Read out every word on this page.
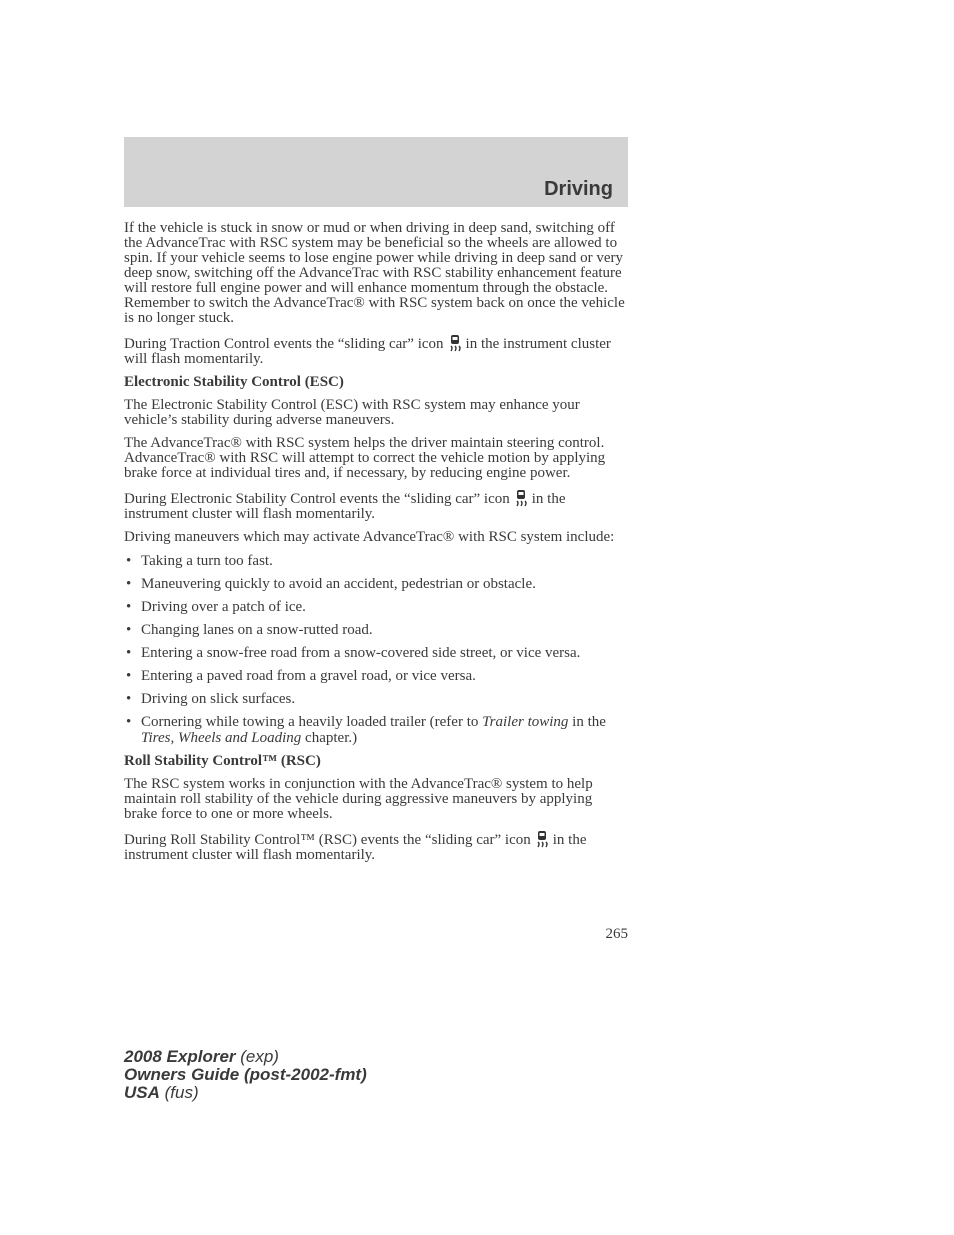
Driving

If the vehicle is stuck in snow or mud or when driving in deep sand, switching off the AdvanceTrac with RSC system may be beneficial so the wheels are allowed to spin. If your vehicle seems to lose engine power while driving in deep sand or very deep snow, switching off the AdvanceTrac with RSC stability enhancement feature will restore full engine power and will enhance momentum through the obstacle. Remember to switch the AdvanceTrac® with RSC system back on once the vehicle is no longer stuck.

During Traction Control events the “sliding car” icon in the instrument cluster will flash momentarily.

Electronic Stability Control (ESC)

The Electronic Stability Control (ESC) with RSC system may enhance your vehicle’s stability during adverse maneuvers.

The AdvanceTrac® with RSC system helps the driver maintain steering control. AdvanceTrac® with RSC will attempt to correct the vehicle motion by applying brake force at individual tires and, if necessary, by reducing engine power.

During Electronic Stability Control events the “sliding car” icon in the instrument cluster will flash momentarily.

Driving maneuvers which may activate AdvanceTrac® with RSC system include:

• Taking a turn too fast.
• Maneuvering quickly to avoid an accident, pedestrian or obstacle.
• Driving over a patch of ice.
• Changing lanes on a snow-rutted road.
• Entering a snow-free road from a snow-covered side street, or vice versa.
• Entering a paved road from a gravel road, or vice versa.
• Driving on slick surfaces.
• Cornering while towing a heavily loaded trailer (refer to Trailer towing in the Tires, Wheels and Loading chapter.)
Roll Stability Control™ (RSC)

The RSC system works in conjunction with the AdvanceTrac® system to help maintain roll stability of the vehicle during aggressive maneuvers by applying brake force to one or more wheels.

During Roll Stability Control™ (RSC) events the “sliding car” icon in the instrument cluster will flash momentarily.

265
2008 Explorer (exp)
Owners Guide (post-2002-fmt)
USA (fus)
